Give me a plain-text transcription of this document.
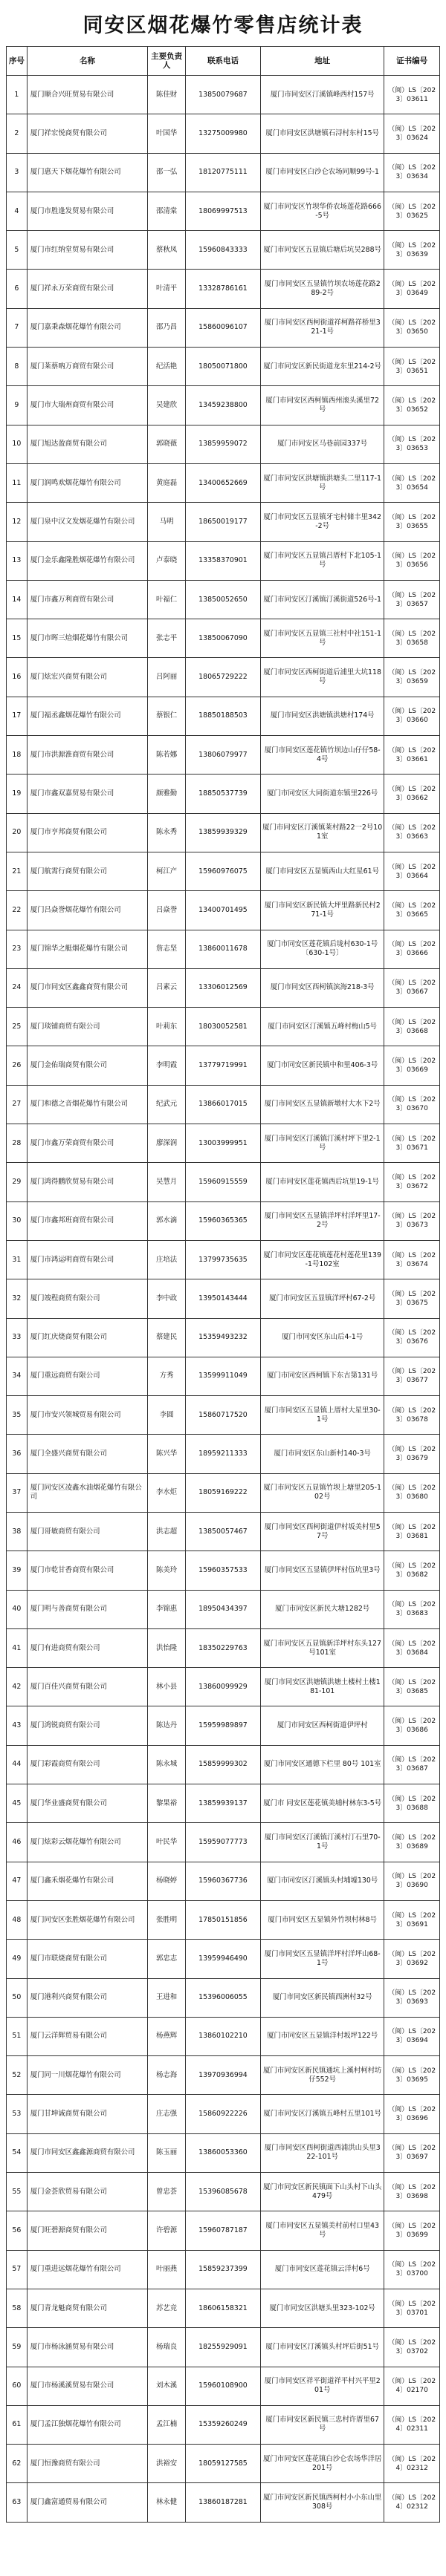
同安区烟花爆竹零售店统计表
序号	名称	主要负责人	联系电话	地址	证书编号
1	厦门顺合兴旺贸易有限公司	陈佳财	13850079687	厦门市同安区汀溪镇峰西村157号	（闽）LS〔2023〕03611
2	厦门祥宏悦商贸有限公司	叶国华	13275009980	厦门市同安区洪塘镇石浔村东村15号	（闽）LS〔2023〕03624
3	厦门惠天下烟花爆竹有限公司	邵一弘	18120775111	厦门市同安区白沙仑农场同顺99号-1	（闽）LS〔2023〕03634
4	厦门市胜逢发贸易有限公司	邵清棠	18069997513	厦门市同安区竹坝华侨农场莲花路666-5号	（闽）LS〔2023〕03625
5	厦门市红纳堂贸易有限公司	蔡秋凤	15960843333	厦门市同安区五显镇后塘后坑吴288号	（闽）LS〔2023〕03639
6	厦门祥永万荣商贸有限公司	叶清平	13328786161	厦门市同安区五显镇竹坝农场莲花路289-2号	（闽）LS〔2023〕03649
7	厦门嘉秉森烟花爆竹有限公司	邵乃昌	15860096107	厦门市同安区西柯街道祥柯路祥桥里321-1号	（闽）LS〔2023〕03650
8	厦门莱蔡吶万商贸有限公司	纪活艳	18050071800	厦门市同安区新民街道龙东里214-2号	（闽）LS〔2023〕03651
9	厦门市大瑞州商贸有限公司	吴建欣	13459238800	厦门市同安区西柯镇西州滚头溪里72号	（闽）LS〔2023〕03652
10	厦门旭达盈商贸有限公司	郭晓薇	13859959072	厦门市同安区马巷前园337号	（闽）LS〔2023〕03653
11	厦门润鸣欢烟花爆竹有限公司	黄庭磊	13400652669	厦门市同安区洪塘镇洪塘头二里117-1号	（闽）LS〔2023〕03654
12	厦门泉中汉文发烟花爆竹有限公司	马明	18650019177	厦门市同安区五显镇牙宅村储丰里342-2号	（闽）LS〔2023〕03655
13	厦门金乐鑫隆胜烟花爆竹有限公司	卢泰晓	13358370901	厦门市同安区五显镇吕厝村下北105-1号	（闽）LS〔2023〕03656
14	厦门市鑫万利商贸有限公司	叶福仁	13850052650	厦门市同安区汀溪镇汀溪街道526号-1	（闽）LS〔2023〕03657
15	厦门市晖三煊烟花爆竹有限公司	张志平	13850067090	厦门市同安区五显镇三社村中社151-1号	（闽）LS〔2023〕03658
16	厦门炫宏兴商贸有限公司	吕阿丽	18065729222	厦门市同安区西柯街道后浦里大坑118号	（闽）LS〔2023〕03659
17	厦门福丞鑫烟花爆竹有限公司	蔡银仁	18850188503	厦门市同安区洪塘镇洪塘村174号	（闽）LS〔2023〕03660
18	厦门市洪源淮商贸有限公司	陈若娜	13806079977	厦门市同安区莲花镇竹坝边山仔仔58-4号	（闽）LS〔2023〕03661
19	厦门市鑫双嘉贸易有限公司	颜雅勤	18850537739	厦门市同安区大同街道东镇里226号	（闽）LS〔2023〕03662
20	厦门市亨邦商贸有限公司	陈永秀	13859939329	厦门市同安区汀溪镇莱村路22一2号101室	（闽）LS〔2023〕03663
21	厦门航霄行商贸有限公司	柯江产	15960976075	厦门市同安区五显镇西山大红星61号	（闽）LS〔2023〕03664
22	厦门吕焱誉烟花爆竹有限公司	吕焱誉	13400701495	厦门市同安区新民镇大坪里路新民村271-1号	（闽）LS〔2023〕03665
23	厦门锦华之艇烟花爆竹有限公司	詹志坚	13860011678	厦门市同安区莲花镇后垅村630-1号〔630-1号〕	（闽）LS〔2023〕03666
24	厦门市同安区鑫鑫商贸有限公司	吕素云	13306012569	厦门市同安区西柯镇滨海218-3号	（闽）LS〔2023〕03667
25	厦门琰铺商贸有限公司	叶莉东	18030052581	厦门市同安区汀溪镇五峰村梅山5号	（闽）LS〔2023〕03668
26	厦门金佑瑞商贸有限公司	李明霞	13779719991	厦门市同安区新民镇中和里406-3号	（闽）LS〔2023〕03669
27	厦门和德之音烟花爆竹有限公司	纪武元	13866017015	厦门市同安区五显镇新墩村大水下2号	（闽）LS〔2023〕03670
28	厦门市鑫万荣商贸有限公司	廖深润	13003999951	厦门市同安区汀溪镇汀溪村坪下里2-1号	（闽）LS〔2023〕03671
29	厦门鸿得鹏欣贸易有限公司	吴慧月	15960915559	厦门市同安区莲花镇西后坑里19-1号	（闽）LS〔2023〕03672
30	厦门市鑫邦班商贸有限公司	郭水滴	15960365365	厦门市同安区五显镇洋坪村洋坪里17-2号	（闽）LS〔2023〕03673
31	厦门市鸿运明商贸有限公司	庄培法	13799735635	厦门市同安区莲花镇莲花村莲花里139-1号102室	（闽）LS〔2023〕03674
32	厦门竣程商贸有限公司	李中政	13950143444	厦门市同安区五显镇洋坪村67-2号	（闽）LS〔2023〕03675
33	厦门红庆烧商贸有限公司	蔡建民	15359493232	厦门市同安区东山后4-1号	（闽）LS〔2023〕03676
34	厦门重远商贸有限公司	方秀	13599911049	厦门市同安区西柯镇下东古第131号	（闽）LS〔2023〕03677
35	厦门市安兴领城贸易有限公司	李圆	15860717520	厦门市同安区五显镇上厝村大星里30-1号	（闽）LS〔2023〕03678
36	厦门全盛兴商贸有限公司	陈兴华	18959211333	厦门市同安区东山新村140-3号	（闽）LS〔2023〕03679
37	厦门同安区凌鑫水油烟花爆竹有限公司	李水炬	18059169222	厦门市同安区五显镇竹坝上塘里205-102号	（闽）LS〔2023〕03680
38	厦门哥敏商贸有限公司	洪志超	13850057467	厦门市同安区西柯街道伊村坂美村里57号	（闽）LS〔2023〕03681
39	厦门市乾甘香商贸有限公司	陈美玲	15960357533	厦门市同安区五显镇伊坪村伍坑里3号	（闽）LS〔2023〕03682
40	厦门明与善商贸有限公司	李锦惠	18950434397	厦门市同安区新民大塘1282号	（闽）LS〔2023〕03683
41	厦门有进商贸有限公司	洪怡隆	18350229763	厦门市同安区五显镇新洋坪村东头127号101室	（闽）LS〔2023〕03684
42	厦门百佳兴商贸有限公司	林小县	13860099929	厦门市同安区洪塘镇洪塘土楼村土楼181-101	（闽）LS〔2023〕03685
43	厦门鸿锐商贸有限公司	陈达丹	15959989897	厦门市同安区西柯街道伊坪村	（闽）LS〔2023〕03686
44	厦门彩霞商贸有限公司	陈永城	15859999302	厦门市同安区通德下栏里 80号 101室	（闽）LS〔2023〕03687
45	厦门华业盛商贸有限公司	黎果裕	13859939137	厦门市 同安区莲花镇美埔村林东3-5号	（闽）LS〔2023〕03688
46	厦门炫彩云烟花爆竹有限公司	叶民华	15959077773	厦门市同安区汀溪镇汀溪村汀石里70-1号	（闽）LS〔2023〕03689
47	厦门鑫禾烟花爆竹有限公司	杨晓婷	15960367736	厦门市同安区汀溪镇头村埔墟130号	（闽）LS〔2023〕03690
48	厦门同安区张胜烟花爆竹有限公司	张胜明	17850151856	厦门市同安区五显镇外竹坝村林8号	（闽）LS〔2023〕03691
49	厦门市联烧商贸有限公司	郭忠志	13959946490	厦门市同安区五显镇洋坪村洋坪山68-1号	（闽）LS〔2023〕03692
50	厦门港利兴商贸有限公司	王进和	15396006055	厦门市同安区新民镇西洲村32号	（闽）LS〔2023〕03693
51	厦门云洋辉贸易有限公司	杨燕辉	13860102210	厦门市同安区五显镇洋村坂坪122号	（闽）LS〔2023〕03694
52	厦门同一川烟花爆竹有限公司	杨志海	13970936994	厦门市同安区新民镇通坑上溪村柯村坊仔552号	（闽）LS〔2023〕03695
53	厦门甘坤诚商贸有限公司	庄志强	15860922226	厦门市同安区汀溪镇五峰村五里101号	（闽）LS〔2023〕03696
54	厦门市同安区鑫鑫源商贸有限公司	陈玉丽	13860053360	厦门市同安区西柯街道西浦洪山头里322-101号	（闽）LS〔2023〕03697
55	厦门金荟欣贸易有限公司	曾忠荟	15396085678	厦门市同安区新民镇面下山头村下山头479号	（闽）LS〔2023〕03698
56	厦门旺碧源商贸有限公司	许碧源	15960787187	厦门市同安区五显镇美村前村口里43号	（闽）LS〔2023〕03699
57	厦门重进远烟花爆竹有限公司	叶丽燕	15859237399	厦门市同安区莲花镇云洋村6号	（闽）LS〔2023〕03700
58	厦门青龙魁商贸有限公司	苏艺竞	18606158321	厦门市同安区洪塘头里323-102号	（闽）LS〔2023〕03701
59	厦门市杨泳涵贸易有限公司	杨瑞良	18255929091	厦门市同安区汀溪镇头村坪后街51号	（闽）LS〔2023〕03702
60	厦门市杨溪溪贸易有限公司	刘木溪	15960108900	厦门市同安区祥平街道祥平村兴平里201号	（闽）LS〔2024〕02170
61	厦门孟江独烟花爆竹有限公司	孟江楠	15359260249	厦门市同安区新民镇三忠村许厝里67号	（闽）LS〔2024〕02311
62	厦门恒豫商贸有限公司	洪裕安	18059127585	厦门市同安区莲花镇白沙仑农场华洋居201号	（闽）LS〔2024〕02312
63	厦门鑫富通贸易有限公司	林永健	13860187281	厦门市同安区新民镇西柯村小小东山里308号	（闽）LS〔2024〕02312
